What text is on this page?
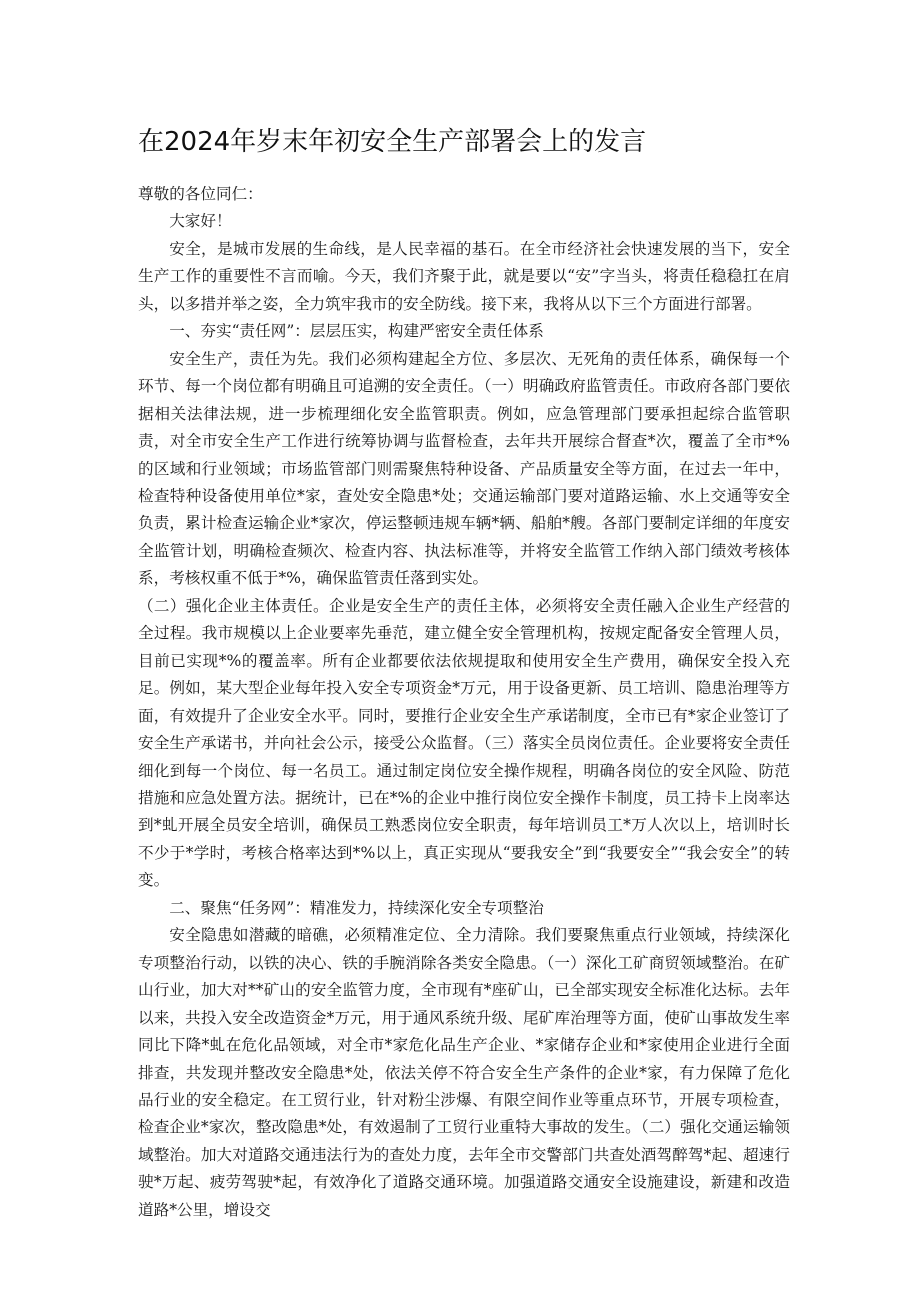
在2024年岁末年初安全生产部署会上的发言

尊敬的各位同仁：

大家好！

安全，是城市发展的生命线，是人民幸福的基石。在全市经济社会快速发展的当下，安全生产工作的重要性不言而喻。今天，我们齐聚于此，就是要以“安”字当头，将责任稳稳扛在肩头，以多措并举之姿，全力筑牢我市的安全防线。接下来，我将从以下三个方面进行部署。

一、夯实“责任网”：层层压实，构建严密安全责任体系

安全生产，责任为先。我们必须构建起全方位、多层次、无死角的责任体系，确保每一个环节、每一个岗位都有明确且可追溯的安全责任。（一）明确政府监管责任。市政府各部门要依据相关法律法规，进一步梳理细化安全监管职责。例如，应急管理部门要承担起综合监管职责，对全市安全生产工作进行统筹协调与监督检查，去年共开展综合督查*次，覆盖了全市*%的区域和行业领域；市场监管部门则需聚焦特种设备、产品质量安全等方面，在过去一年中，检查特种设备使用单位*家，查处安全隐患*处；交通运输部门要对道路运输、水上交通等安全负责，累计检查运输企业*家次，停运整顿违规车辆*辆、船舶*艘。各部门要制定详细的年度安全监管计划，明确检查频次、检查内容、执法标准等，并将安全监管工作纳入部门绩效考核体系，考核权重不低于*%，确保监管责任落到实处。

（二）强化企业主体责任。企业是安全生产的责任主体，必须将安全责任融入企业生产经营的全过程。我市规模以上企业要率先垂范，建立健全安全管理机构，按规定配备安全管理人员，目前已实现*%的覆盖率。所有企业都要依法依规提取和使用安全生产费用，确保安全投入充足。例如，某大型企业每年投入安全专项资金*万元，用于设备更新、员工培训、隐患治理等方面，有效提升了企业安全水平。同时，要推行企业安全生产承诺制度，全市已有*家企业签订了安全生产承诺书，并向社会公示，接受公众监督。（三）落实全员岗位责任。企业要将安全责任细化到每一个岗位、每一名员工。通过制定岗位安全操作规程，明确各岗位的安全风险、防范措施和应急处置方法。据统计，已在*%的企业中推行岗位安全操作卡制度，员工持卡上岗率达到*虬开展全员安全培训，确保员工熟悉岗位安全职责，每年培训员工*万人次以上，培训时长不少于*学时，考核合格率达到*%以上，真正实现从“要我安全”到“我要安全”“我会安全”的转变。

二、聚焦“任务网”：精准发力，持续深化安全专项整治

安全隐患如潜藏的暗礁，必须精准定位、全力清除。我们要聚焦重点行业领域，持续深化专项整治行动，以铁的决心、铁的手腕消除各类安全隐患。（一）深化工矿商贸领域整治。在矿山行业，加大对**矿山的安全监管力度，全市现有*座矿山，已全部实现安全标准化达标。去年以来，共投入安全改造资金*万元，用于通风系统升级、尾矿库治理等方面，使矿山事故发生率同比下降*虬在危化品领域，对全市*家危化品生产企业、*家储存企业和*家使用企业进行全面排查，共发现并整改安全隐患*处，依法关停不符合安全生产条件的企业*家，有力保障了危化品行业的安全稳定。在工贸行业，针对粉尘涉爆、有限空间作业等重点环节，开展专项检查，检查企业*家次，整改隐患*处，有效遏制了工贸行业重特大事故的发生。（二）强化交通运输领域整治。加大对道路交通违法行为的查处力度，去年全市交警部门共查处酒驾醉驾*起、超速行驶*万起、疲劳驾驶*起，有效净化了道路交通环境。加强道路交通安全设施建设，新建和改造道路*公里，增设交
